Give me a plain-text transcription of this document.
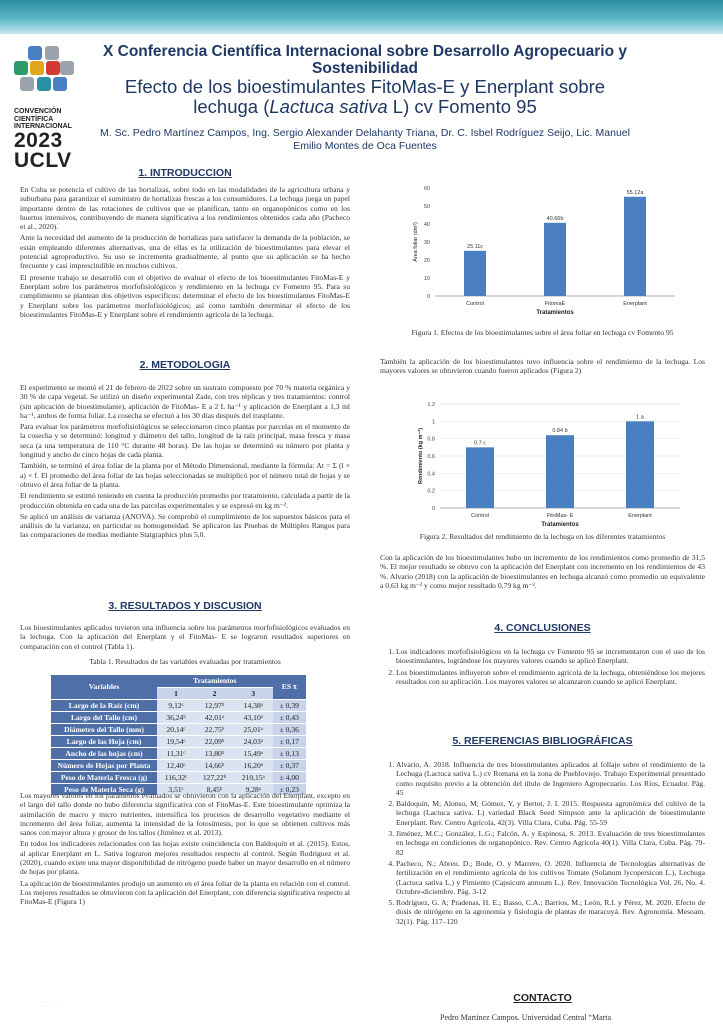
CONVENCIÓN
CIENTÍFICA
INTERNACIONAL
2023
UCLV
X Conferencia Científica Internacional sobre Desarrollo Agropecuario y Sostenibilidad
Efecto de los bioestimulantes FitoMas-E y Enerplant sobre lechuga (Lactuca sativa L) cv Fomento 95
M. Sc. Pedro Martínez Campos, Ing. Sergio Alexander Delahanty Triana, Dr. C. Isbel Rodríguez Seijo, Lic. Manuel Emilio Montes de Oca Fuentes
1. INTRODUCCION

En Cuba se potencia el cultivo de las hortalizas, sobre todo en las modalidades de la agricultura urbana y suburbana para garantizar el suministro de hortalizas frescas a los consumidores. La lechuga juega un papel importante dentro de las rotaciones de cultivos que se planifican, tanto en organopónicos como en los huertos intensivos, contribuyendo de manera significativa a los rendimientos obtenidos cada año (Pacheco et al., 2020).

Ante la necesidad del aumento de la producción de hortalizas para satisfacer la demanda de la población, se están empleando diferentes alternativas, una de ellas es la utilización de bioestimulantes para elevar el potencial agroproductivo. Su uso se incrementa gradualmente, al punto que su aplicación se ha hecho frecuente y casi imprescindible en muchos cultivos.

El presente trabajo se desarrolló con el objetivo de evaluar el efecto de los bioestimulantes FitoMas-E y Enerplant sobre los parámetros morfofisiológicos y rendimiento en la lechuga cv Fomento 95. Para su cumplimiento se plantean dos objetivos especificos: determinar el efecto de los bioestimulantes FitoMas-E y Enerplant sobre los parámetros morfofisiológicos; así como también determinar el efecto de los bioestimulantes FitoMas-E y Enerplant sobre el rendimiento agrícola de la lechuga.

2. METODOLOGIA

El experimento se montó el 21 de febrero de 2022 sobre un sustrato compuesto por 70 % materia orgánica y 30 % de capa vegetal. Se utilizó un diseño experimental Zade, con tres réplicas y tres tratamientos: control (sin aplicación de bioestimulante), aplicación de FitoMas- E a 2 L ha⁻¹ y aplicación de Enerplant a 1,3 ml ha⁻¹, ambos de forma foliar. La cosecha se efectuó a los 30 días después del trasplante.

Para evaluar los parámetros morfofisiológicos se seleccionaron cinco plantas por parcelas en el momento de la cosecha y se determinó: longitud y diámetro del tallo, longitud de la raíz principal, masa fresca y masa seca (a una temperatura de 110 °C durante 48 horas). De las hojas se determinó su número por planta y longitud y ancho de cinco hojas de cada planta.

También, se terminó el área foliar de la planta por el Método Dimensional, mediante la fórmula: At = Σ (l × a) × f. El promedio del área foliar de las hojas seleccionadas se multiplicó por el número total de hojas y se obtuvo el área foliar de la planta.

El rendimiento se estimó teniendo en cuenta la producción promedio por tratamiento, calculada a partir de la producción obtenida en cada una de las parcelas experimentales y se expresó en kg m⁻².

Se aplicó un análisis de varianza (ANOVA). Se comprobó el cumplimiento de los supuestos básicos para el análisis de la varianza, en particular su homogeneidad. Se aplicaron las Pruebas de Múltiples Rangos para las comparaciones de medias mediante Statgraphics plus 5,0.

3. RESULTADOS Y DISCUSION
Los bioestimulantes aplicados tuvieron una influencia sobre los parámetros morfofisiológicos evaluados en la lechuga. Con la aplicación del Enerplant y el FitoMas- E se lograron resultados superiores en comparación con el control (Tabla 1).
Tabla 1. Resultados de las variables evaluadas por tratamientos
Variables	Tratamientos			ES x̄
	1	2	3	
Largo de la Raíz (cm)	9,12ᶜ	12,97ᵇ	14,38ᵃ	± 0,39
Largo del Tallo (cm)	36,24ᵇ	42,01ᵃ	43,10ᵃ	± 0,43
Diámetro del Tallo (mm)	20,14ᶜ	22,75ᵇ	25,01ᵃ	± 0,36
Largo de las Hoja (cm)	19,54ᶜ	22,09ᵇ	24,03ᵃ	± 0,17
Ancho de las hojas (cm)	11,31ᶜ	13,80ᵇ	15,49ᵃ	± 0,13
Número de Hojas por Planta	12,40ᶜ	14,66ᵇ	16,20ᵃ	± 0,37
Peso de Materia Fresca (g)	116,32ᶜ	127,22ᵇ	210,15ᵃ	± 4,00
Peso de Materia Seca (g)	3,51ᶜ	8,45ᵇ	9,28ᵃ	± 0,23

Los mayores valores en los parámetros evaluados se obtuvieron con la aplicación del Enerplant, excepto en el largo del tallo donde no hubo diferencia significativa con el FitoMas-E. Este bioestimulante optimiza la asimilación de macro y micro nutrientes, intensifica los procesos de desarrollo vegetativo mediante el incremento del área foliar, aumenta la intensidad de la fotosíntesis, por lo que se obtienen cultivos más sanos con mayor altura y grosor de los tallos (Jiménez et al. 2013).

En todos los indicadores relacionados con las hojas existe coincidencia con Baldoquín et al. (2015). Estos, al aplicar Enerplant en L. Sativa lograron mejores resultados respecto al control. Según Rodríguez et al. (2020), cuando existe una mayor disponibilidad de nitrógeno puede haber un mayor desarrollo en el número de hojas por planta.

La aplicación de bioestimulantes produjo un aumento en el área foliar de la planta en relación con el control. Los mejores resultados se obtuvieron con la aplicación del Enerplant, con diferencia significativa respecto al FitoMas-E (Figura 1)

· · · · · · · · · · ·
· · · · · · · · · ·
0
10
20
30
40
50
60
25.11c
Control
40.66b
FitomaE
55.12a
Enerplant
Tratamientos
Área foliar (dm²)
Figura 1. Efectos de los bioestimulantes sobre el área foliar en lechuga cv Fomento 95
También la aplicación de los bioestimulantes tuvo influencia sobre el rendimiento de la lechuga. Los mayores valores se obtuvieron cuando fueron aplicados (Figura 2)
0
0.2
0.4
0.6
0.8
1
1.2
0.7 c
Control
0.84 b
FitoMas- E
1 a
Enerplant
Tratamientos
Rendimiento (kg m⁻²)
Figura 2. Resultados del rendimiento de la lechuga en los diferentes tratamientos
Con la aplicación de los bioestimulantes hubo un incremento de los rendimientos como promedio de 31,5 %. El mejor resultado se obtuvo con la aplicación del Enerplant con incremento en los rendimientos de 43 %. Alvario (2018) con la aplicación de bioestimulantes en lechuga alcanzó como promedio un equivalente a 0,63 kg m⁻² y como mejor resultado 0,79 kg m⁻².
4. CONCLUSIONES
1. Los indicadores morfofisiológicos en la lechuga cv Fomento 95 se incrementaron con el uso de los bioestimulantes, lográndose los mayores valores cuando se aplicó Enerplant.
2. Los bioestimulantes influyeron sobre el rendimiento agrícola de la lechuga, obteniéndose los mejores resultados con su aplicación. Los mayores valores se alcanzaron cuando se aplicó Enerplant.
5. REFERENCIAS BIBLIOGRÁFICAS
1. Alvario, A. 2018. Influencia de tres bioestimulantes aplicados al follaje sobre el rendimiento de la Lechuga (Lactuca sativa L.) cv Romana en la zona de Puebloviejo. Trabajo Experimental presentado como requisito previo a la obtención del título de Ingeniero Agropecuario. Los Ríos, Ecuador. Pág. 45
2. Baldoquín, M; Alonso, M; Gómez, Y, y Bertot, J. I. 2015. Respuesta agronómica del cultivo de la lechuga (Lactuca sativa. L) variedad Black Seed Simpson ante la aplicación de bioestimulante Enerplant. Rev. Centro Agrícola, 42(3). Villa Clara, Cuba. Pág. 55-59
3. Jiménez, M.C.; González, L.G.; Falcón, A. y Espinosa, S. 2013. Evaluación de tres bioestimulantes en lechuga en condiciones de organopónico. Rev. Centro Agrícola 40(1). Villa Clara, Cuba. Pág. 79-82
4. Pacheco, N.; Abreu. D.; Bode, O. y Marrero, O. 2020. Influencia de Tecnologías alternativas de fertilización en el rendimiento agrícola de los cultivos Tomate (Solanum lycopersicon L.), Lechuga (Lactuca sativa L.) y Pimiento (Capsicum annuum L.). Rev. Innovación Tecnológica Vol. 26, No. 4. Octubre-diciembre. Pág. 3-12
5. Rodríguez, G. A; Pradenas, H. E.; Basso, C.A.; Barrios, M.; León, R.I. y Pérez, M. 2020. Efecto de dosis de nitrógeno en la agronomía y fisiología de plantas de maracuyá. Rev. Agronomía. Mesoam. 32(1). Pág. 117–120
CONTACTO
Pedro Martinez Campos. Universidad Central “Marta
